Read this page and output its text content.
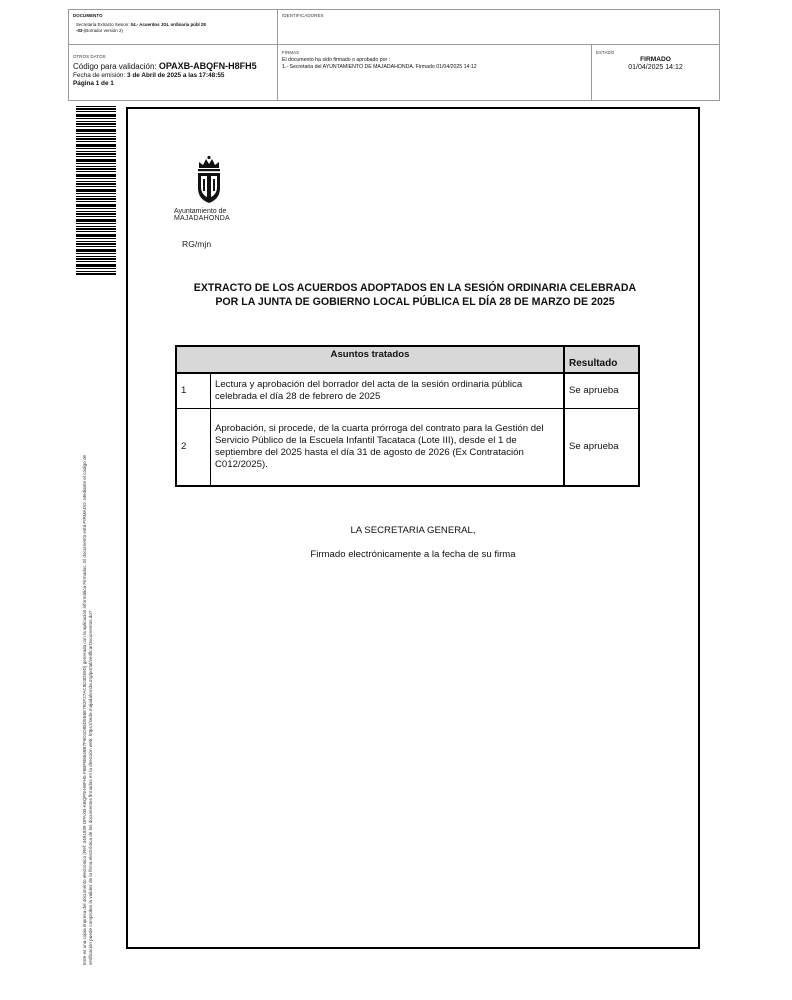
DOCUMENTO
Secretaría Extracto Sesion: 04.- Acuerdos JGL ordinaria públ 28
-03-(Borrador versión 2)
IDENTIFICADORES
OTROS DATOS
Código para validación: OPAXB-ABQFN-H8FH5
Fecha de emisión: 3 de Abril de 2025 a las 17:48:55
Página 1 de 1
FIRMAS
El documento ha sido firmado o aprobado por :
1.- Secretaria del AYUNTAMIENTO DE MAJADAHONDA. Firmado 01/04/2025 14:12
ESTADO
FIRMADO
01/04/2025 14:12
Este es una copia impresa del documento electrónico (Ref: 3491939 OPAXB-ABQFN-H8FH5 F6BFB8548B7F9D1D88D5E6E7B2F27AC9D3D59D) generada con la aplicación informática Firmadoc. El documento está FIRMADO. Mediante el código de verificación puede comprobar la validez de la firma electrónica de los documentos firmados en la dirección web: https://sede.majadahonda.org/portal/verificarDocumentos.do?
Ayuntamiento de
MAJADAHONDA
RG/mjn
EXTRACTO DE LOS ACUERDOS ADOPTADOS EN LA SESIÓN ORDINARIA CELEBRADA
POR LA JUNTA DE GOBIERNO LOCAL PÚBLICA EL DÍA 28 DE MARZO DE 2025
Asuntos tratados		Resultado
1	Lectura y aprobación del borrador del acta de la sesión ordinaria pública celebrada el día 28 de febrero de 2025	Se aprueba
2	Aprobación, si procede, de la cuarta prórroga del contrato para la Gestión del Servicio Público de la Escuela Infantil Tacataca (Lote III), desde el 1 de septiembre del 2025 hasta el día 31 de agosto de 2026 (Ex Contratación C012/2025).	Se aprueba
LA SECRETARIA GENERAL,
Firmado electrónicamente a la fecha de su firma
